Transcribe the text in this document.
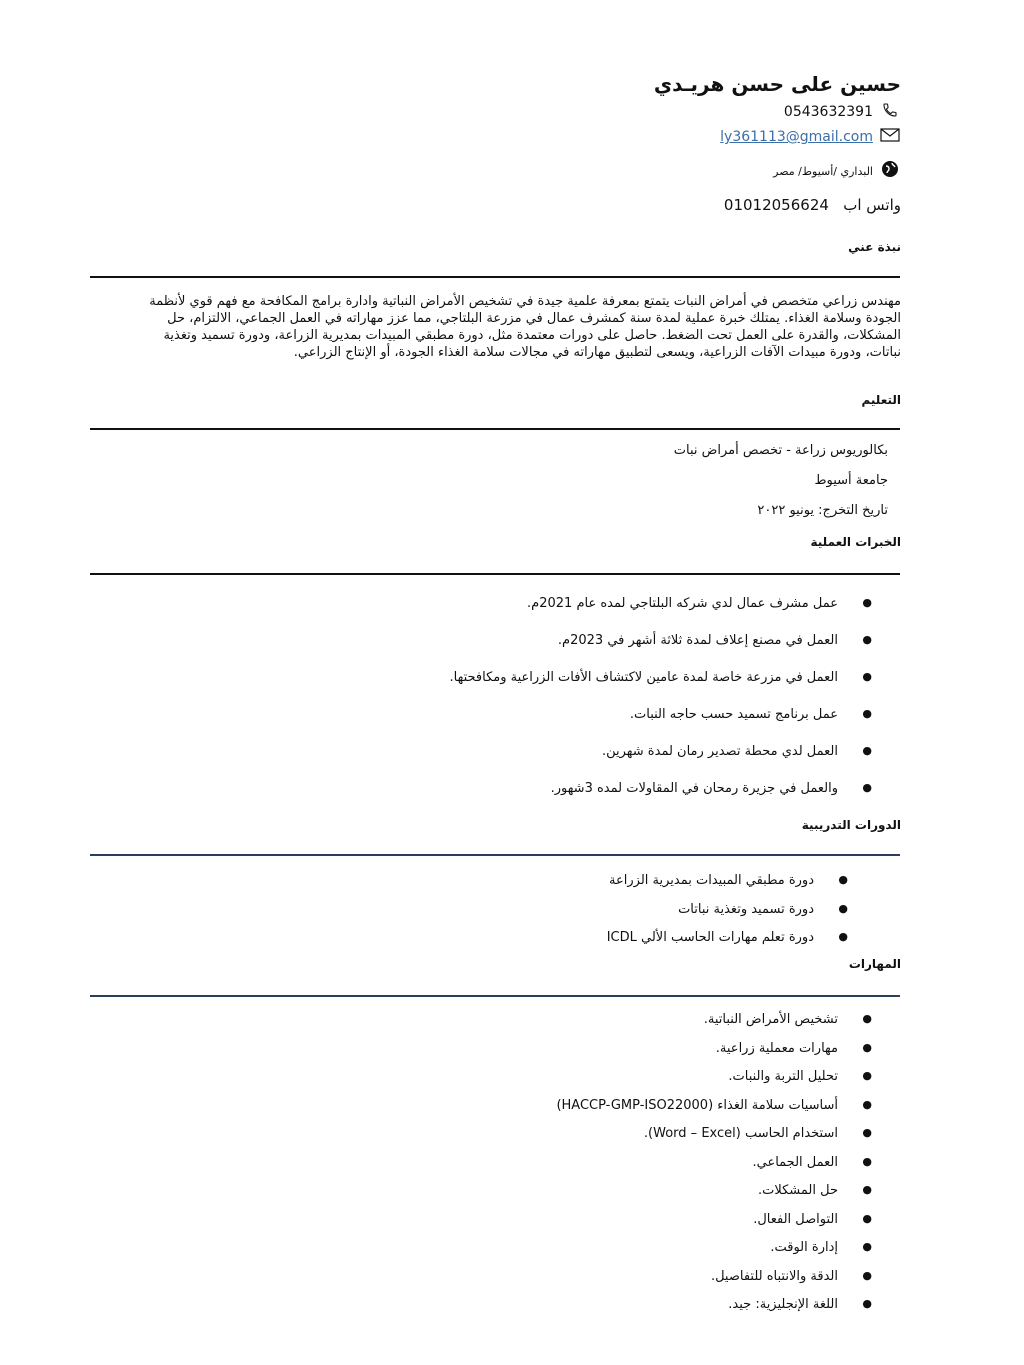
حسين على حسن هريـدي
0543632391
ly361113@gmail.com
البداري /أسيوط/ مصر
واتس اب   01012056624
نبذة عني
مهندس زراعي متخصص في أمراض النبات يتمتع بمعرفة علمية جيدة في تشخيص الأمراض النباتية وادارة برامج المكافحة مع فهم قوي لأنظمة
الجودة وسلامة الغذاء. يمتلك خبرة عملية لمدة سنة كمشرف عمال في مزرعة البلتاجي، مما عزز مهاراته في العمل الجماعي، الالتزام، حل
المشكلات، والقدرة على العمل تحت الضغط. حاصل على دورات معتمدة مثل، دورة مطبقي المبيدات بمديرية الزراعة، ودورة تسميد وتغذية
نباتات، ودورة مبيدات الآفات الزراعية، ويسعى لتطبيق مهاراته في مجالات سلامة الغذاء الجودة، أو الإنتاج الزراعي.
التعليم
بكالوريوس زراعة - تخصص أمراض نبات
جامعة أسيوط
تاريخ التخرج: يونيو ٢٠٢٢
الخبرات العملية
●
عمل مشرف عمال لدي شركه البلتاجي لمده عام 2021م.
●
العمل في مصنع إعلاف لمدة ثلاثة أشهر في 2023م.
●
العمل في مزرعة خاصة لمدة عامين لاكتشاف الأفات الزراعية ومكافحتها.
●
عمل برنامج تسميد حسب حاجه النبات.
●
العمل لدي محطة تصدير رمان لمدة شهرين.
●
والعمل في جزيرة رمحان في المقاولات لمده 3شهور.
الدورات التدريبية
●
دورة مطبقي المبيدات بمديرية الزراعة
●
دورة تسميد وتغذية نباتات
●
دورة تعلم مهارات الحاسب الألي ICDL
المهارات
●
تشخيص الأمراض النباتية.
●
مهارات معملية زراعية.
●
تحليل التربة والنبات.
●
أساسيات سلامة الغذاء (HACCP-GMP-ISO22000)
●
استخدام الحاسب (Word – Excel).
●
العمل الجماعي.
●
حل المشكلات.
●
التواصل الفعال.
●
إدارة الوقت.
●
الدقة والانتباه للتفاصيل.
●
اللغة الإنجليزية: جيد.
